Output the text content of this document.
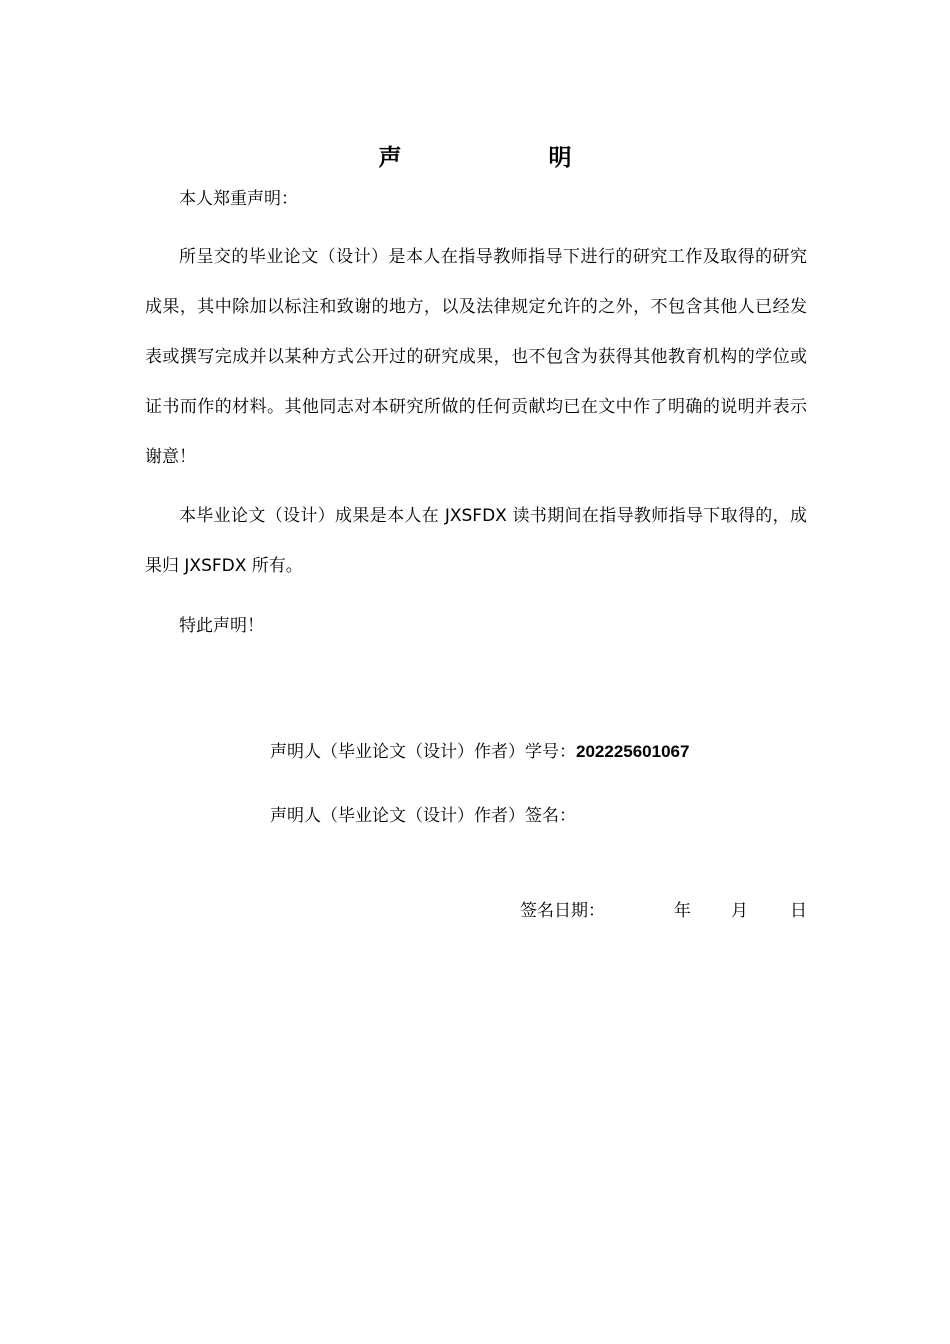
声　明
本人郑重声明：
所呈交的毕业论文（设计）是本人在指导教师指导下进行的研究工作及取得的研究成果，其中除加以标注和致谢的地方，以及法律规定允许的之外，不包含其他人已经发表或撰写完成并以某种方式公开过的研究成果，也不包含为获得其他教育机构的学位或证书而作的材料。其他同志对本研究所做的任何贡献均已在文中作了明确的说明并表示谢意！
本毕业论文（设计）成果是本人在 JXSFDX 读书期间在指导教师指导下取得的，成果归 JXSFDX 所有。
特此声明！
声明人（毕业论文（设计）作者）学号：202225601067
声明人（毕业论文（设计）作者）签名：
签名日期：	年 月 日
